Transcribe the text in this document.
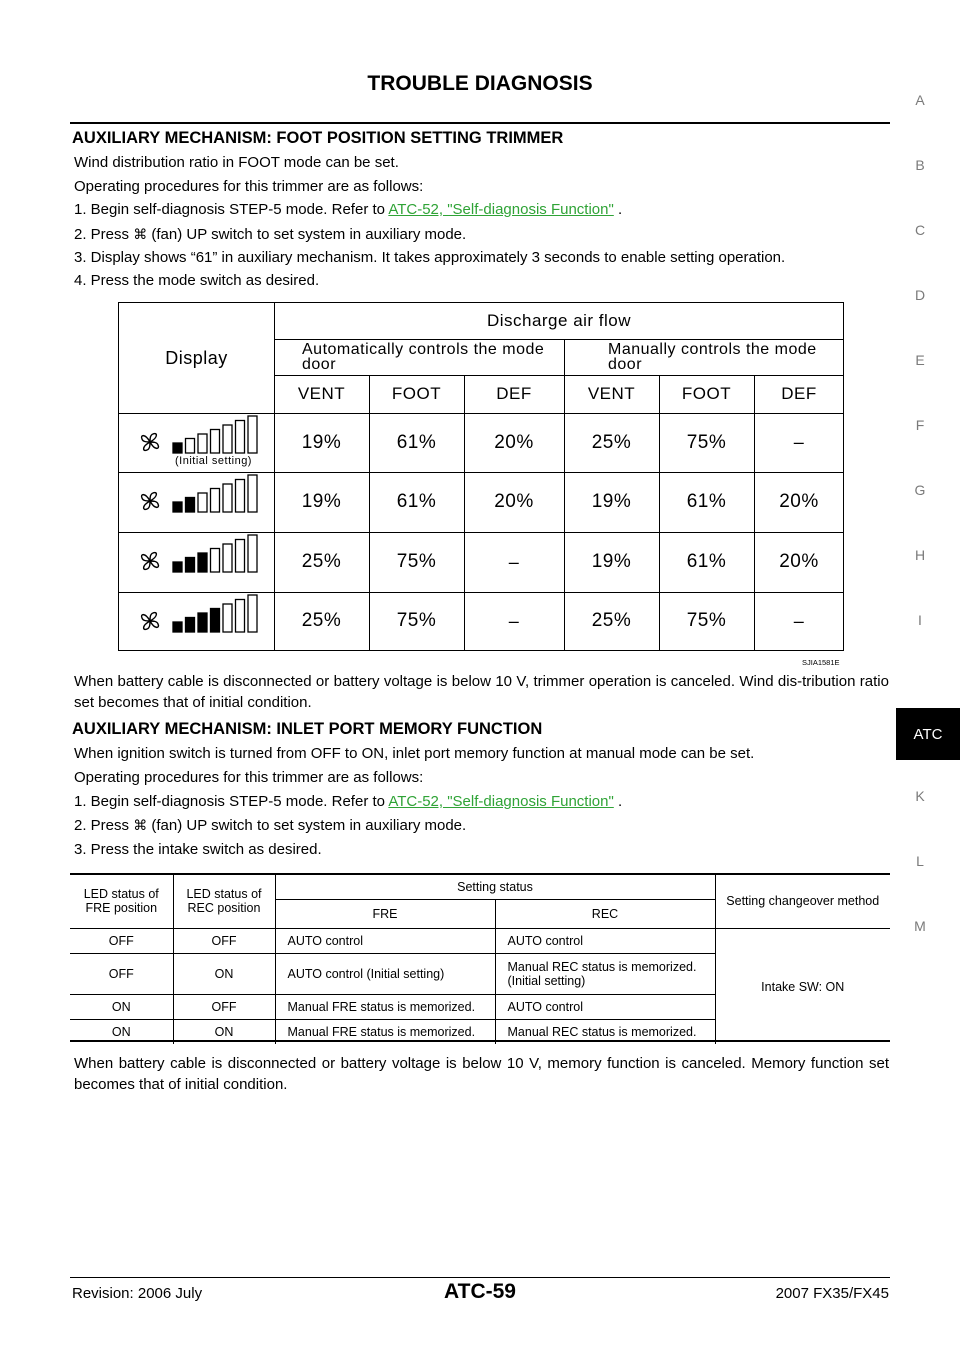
TROUBLE DIAGNOSIS
AUXILIARY MECHANISM: FOOT POSITION SETTING TRIMMER

Wind distribution ratio in FOOT mode can be set.

Operating procedures for this trimmer are as follows:

1. Begin self-diagnosis STEP-5 mode. Refer to ATC-52, "Self-diagnosis Function" .

2. Press ⌘ (fan) UP switch to set system in auxiliary mode.

3. Display shows “61” in auxiliary mechanism. It takes approximately 3 seconds to enable setting operation.

4. Press the mode switch as desired.

Display
Discharge air flow
Automatically controls the mode door
Manually controls the mode door
VENT	FOOT	DEF	VENT	FOOT	DEF
(Initial setting)
19%	61%	20%	25%	75%	–
19%	61%	20%	19%	61%	20%
25%	75%	–	19%	61%	20%
25%	75%	–	25%	75%	–
SJIA1581E

When battery cable is disconnected or battery voltage is below 10 V, trimmer operation is canceled. Wind dis-tribution ratio set becomes that of initial condition.

AUXILIARY MECHANISM: INLET PORT MEMORY FUNCTION

When ignition switch is turned from OFF to ON, inlet port memory function at manual mode can be set.

Operating procedures for this trimmer are as follows:

1. Begin self-diagnosis STEP-5 mode. Refer to ATC-52, "Self-diagnosis Function" .

2. Press ⌘ (fan) UP switch to set system in auxiliary mode.

3. Press the intake switch as desired.

LED status of FRE position	LED status of REC position	Setting status		Setting changeover method
		FRE	REC	
OFF	OFF	AUTO control	AUTO control	Intake SW: ON
OFF	ON	AUTO control (Initial setting)	Manual REC status is memorized.
(Initial setting)	
ON	OFF	Manual FRE status is memorized.	AUTO control	
ON	ON	Manual FRE status is memorized.	Manual REC status is memorized.	

When battery cable is disconnected or battery voltage is below 10 V, memory function is canceled. Memory function set becomes that of initial condition.

A
B
C
D
E
F
G
H
I
ATC
K
L
M
Revision: 2006 July	ATC-59	2007 FX35/FX45
